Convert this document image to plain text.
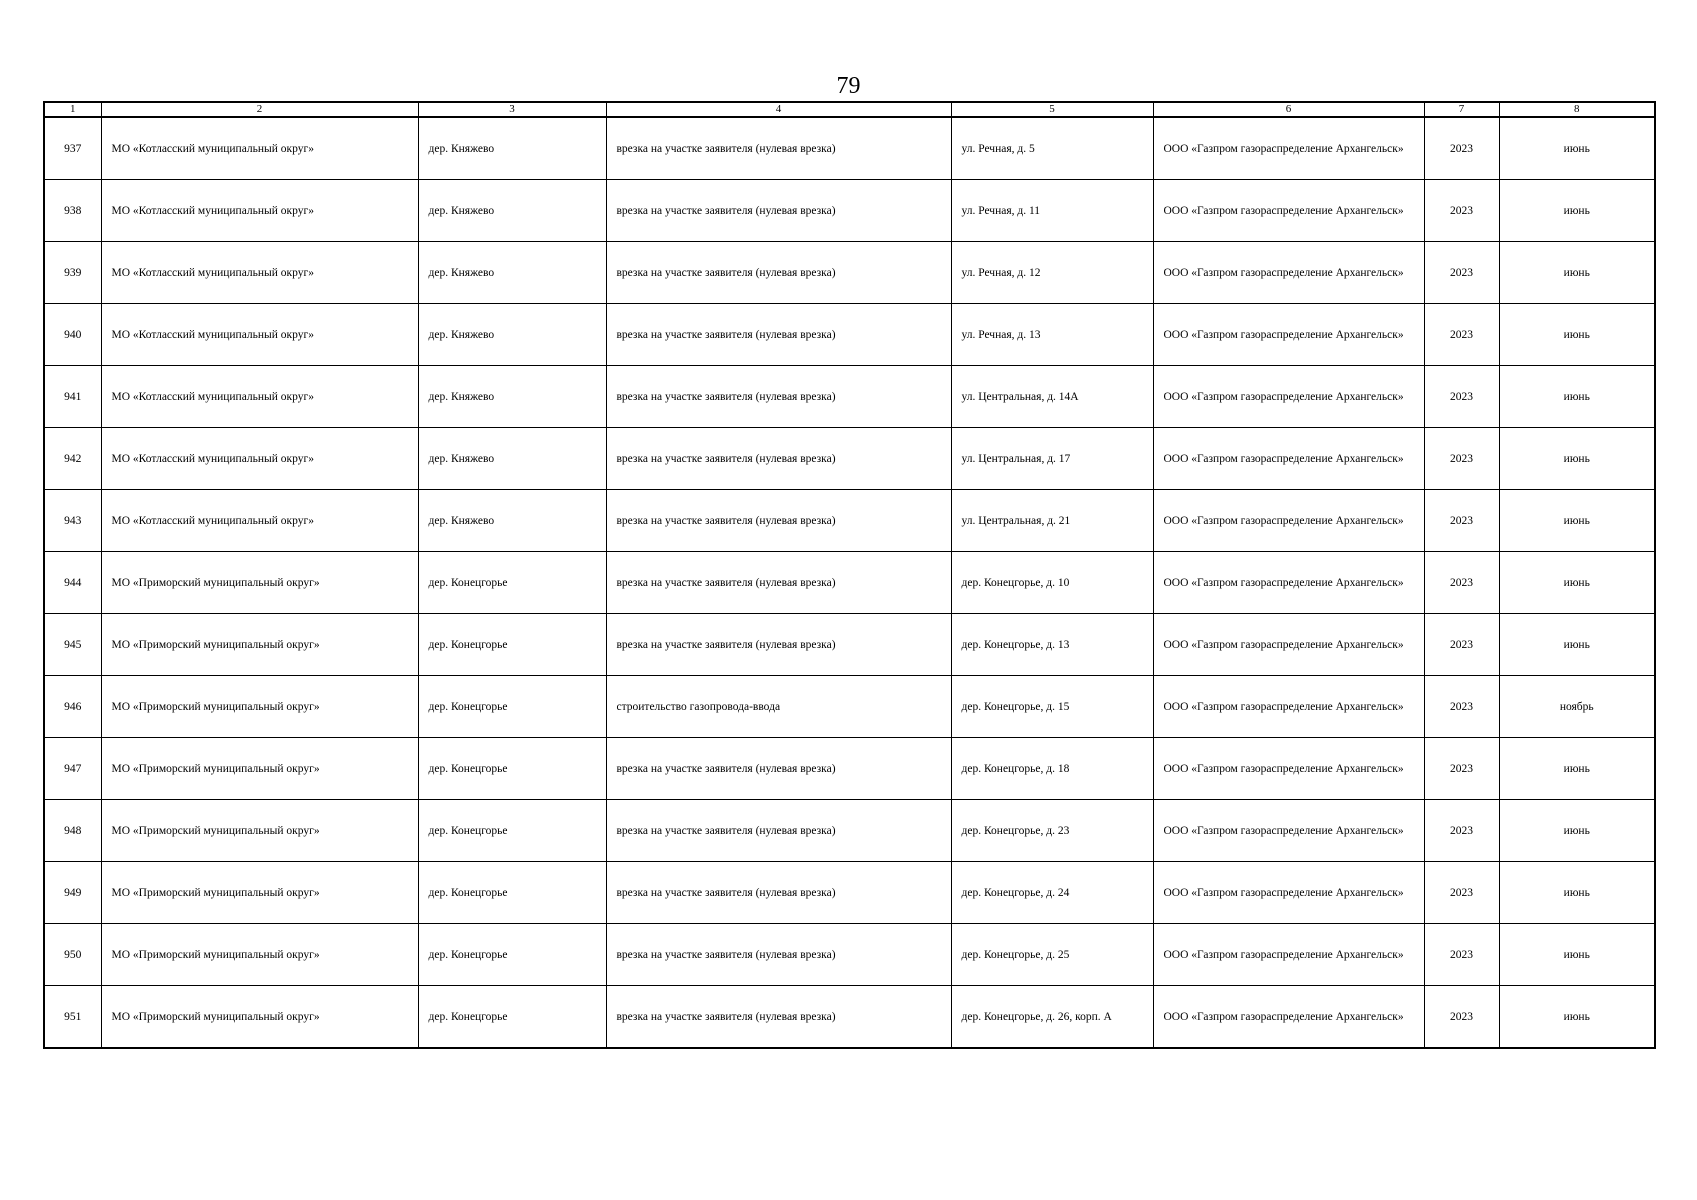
79
1	2	3	4	5	6	7	8
937	МО «Котласский муниципальный округ»	дер. Княжево	врезка на участке заявителя (нулевая врезка)	ул. Речная, д. 5	ООО «Газпром газораспределение Архангельск»	2023	июнь
938	МО «Котласский муниципальный округ»	дер. Княжево	врезка на участке заявителя (нулевая врезка)	ул. Речная, д. 11	ООО «Газпром газораспределение Архангельск»	2023	июнь
939	МО «Котласский муниципальный округ»	дер. Княжево	врезка на участке заявителя (нулевая врезка)	ул. Речная, д. 12	ООО «Газпром газораспределение Архангельск»	2023	июнь
940	МО «Котласский муниципальный округ»	дер. Княжево	врезка на участке заявителя (нулевая врезка)	ул. Речная, д. 13	ООО «Газпром газораспределение Архангельск»	2023	июнь
941	МО «Котласский муниципальный округ»	дер. Княжево	врезка на участке заявителя (нулевая врезка)	ул. Центральная, д. 14А	ООО «Газпром газораспределение Архангельск»	2023	июнь
942	МО «Котласский муниципальный округ»	дер. Княжево	врезка на участке заявителя (нулевая врезка)	ул. Центральная, д. 17	ООО «Газпром газораспределение Архангельск»	2023	июнь
943	МО «Котласский муниципальный округ»	дер. Княжево	врезка на участке заявителя (нулевая врезка)	ул. Центральная, д. 21	ООО «Газпром газораспределение Архангельск»	2023	июнь
944	МО «Приморский муниципальный округ»	дер. Конецгорье	врезка на участке заявителя (нулевая врезка)	дер. Конецгорье, д. 10	ООО «Газпром газораспределение Архангельск»	2023	июнь
945	МО «Приморский муниципальный округ»	дер. Конецгорье	врезка на участке заявителя (нулевая врезка)	дер. Конецгорье, д. 13	ООО «Газпром газораспределение Архангельск»	2023	июнь
946	МО «Приморский муниципальный округ»	дер. Конецгорье	строительство газопровода-ввода	дер. Конецгорье, д. 15	ООО «Газпром газораспределение Архангельск»	2023	ноябрь
947	МО «Приморский муниципальный округ»	дер. Конецгорье	врезка на участке заявителя (нулевая врезка)	дер. Конецгорье, д. 18	ООО «Газпром газораспределение Архангельск»	2023	июнь
948	МО «Приморский муниципальный округ»	дер. Конецгорье	врезка на участке заявителя (нулевая врезка)	дер. Конецгорье, д. 23	ООО «Газпром газораспределение Архангельск»	2023	июнь
949	МО «Приморский муниципальный округ»	дер. Конецгорье	врезка на участке заявителя (нулевая врезка)	дер. Конецгорье, д. 24	ООО «Газпром газораспределение Архангельск»	2023	июнь
950	МО «Приморский муниципальный округ»	дер. Конецгорье	врезка на участке заявителя (нулевая врезка)	дер. Конецгорье, д. 25	ООО «Газпром газораспределение Архангельск»	2023	июнь
951	МО «Приморский муниципальный округ»	дер. Конецгорье	врезка на участке заявителя (нулевая врезка)	дер. Конецгорье, д. 26, корп. А	ООО «Газпром газораспределение Архангельск»	2023	июнь
